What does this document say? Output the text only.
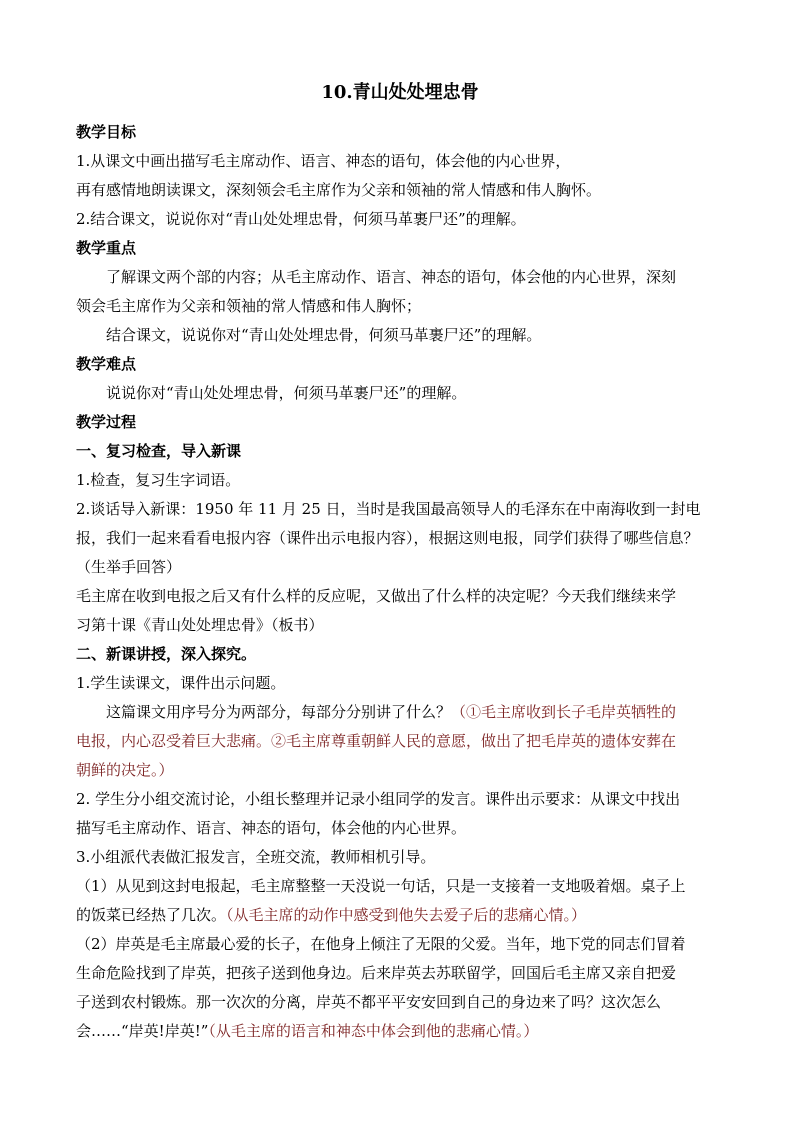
10.青山处处埋忠骨

教学目标

1.从课文中画出描写毛主席动作、语言、神态的语句，体会他的内心世界，

再有感情地朗读课文，深刻领会毛主席作为父亲和领袖的常人情感和伟人胸怀。

2.结合课文，说说你对“青山处处埋忠骨，何须马革裹尸还”的理解。

教学重点

了解课文两个部的内容；从毛主席动作、语言、神态的语句，体会他的内心世界，深刻

领会毛主席作为父亲和领袖的常人情感和伟人胸怀；

结合课文，说说你对“青山处处埋忠骨，何须马革裹尸还”的理解。

教学难点

说说你对“青山处处埋忠骨，何须马革裹尸还”的理解。

教学过程

一、复习检查，导入新课

1.检查，复习生字词语。

2.谈话导入新课：1950 年 11 月 25 日，当时是我国最高领导人的毛泽东在中南海收到一封电

报，我们一起来看看电报内容（课件出示电报内容），根据这则电报，同学们获得了哪些信息？

（生举手回答）

毛主席在收到电报之后又有什么样的反应呢，又做出了什么样的决定呢？今天我们继续来学

习第十课《青山处处埋忠骨》（板书）

二、新课讲授，深入探究。

1.学生读课文，课件出示问题。

这篇课文用序号分为两部分，每部分分别讲了什么？（①毛主席收到长子毛岸英牺牲的

电报，内心忍受着巨大悲痛。②毛主席尊重朝鲜人民的意愿，做出了把毛岸英的遗体安葬在

朝鲜的决定。）

2. 学生分小组交流讨论，小组长整理并记录小组同学的发言。课件出示要求：从课文中找出

描写毛主席动作、语言、神态的语句，体会他的内心世界。

3.小组派代表做汇报发言，全班交流，教师相机引导。

（1）从见到这封电报起，毛主席整整一天没说一句话，只是一支接着一支地吸着烟。桌子上

的饭菜已经热了几次。（从毛主席的动作中感受到他失去爱子后的悲痛心情。）

（2）岸英是毛主席最心爱的长子，在他身上倾注了无限的父爱。当年，地下党的同志们冒着

生命危险找到了岸英，把孩子送到他身边。后来岸英去苏联留学，回国后毛主席又亲自把爱

子送到农村锻炼。那一次次的分离，岸英不都平平安安回到自己的身边来了吗？这次怎么

会……“岸英!岸英!”（从毛主席的语言和神态中体会到他的悲痛心情。）
